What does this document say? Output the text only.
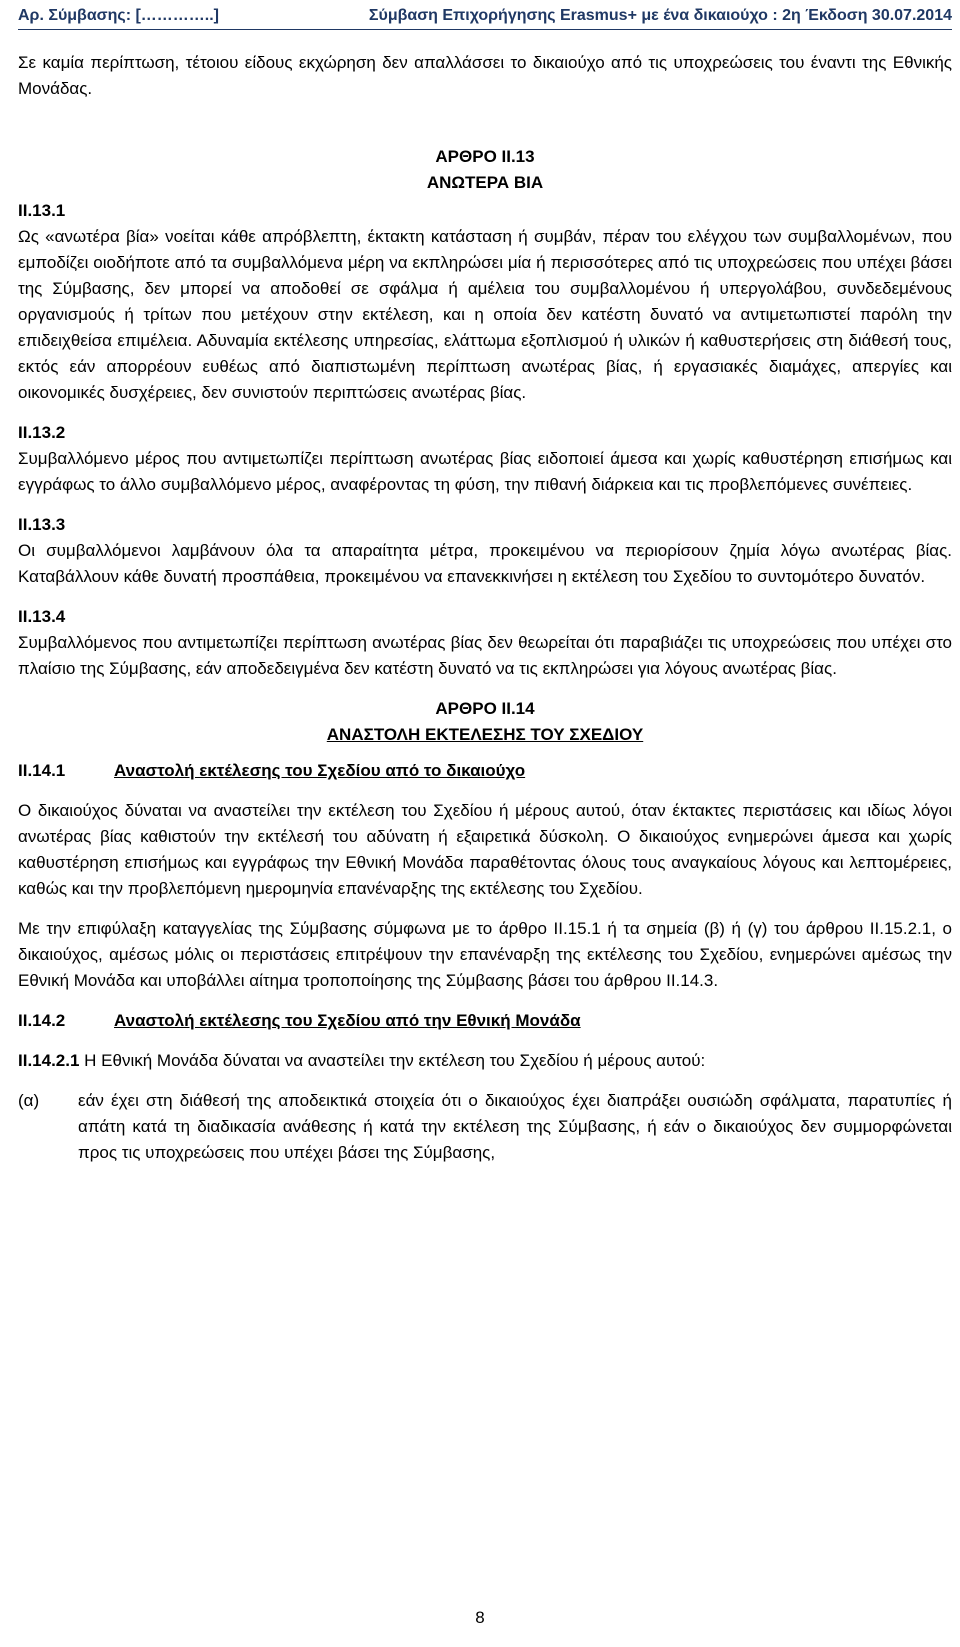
Αρ. Σύμβασης: […………..]	Σύμβαση Επιχορήγησης Erasmus+ με ένα δικαιούχο : 2η Έκδοση 30.07.2014

Σε καμία περίπτωση, τέτοιου είδους εκχώρηση δεν απαλλάσσει το δικαιούχο από τις υποχρεώσεις του έναντι της Εθνικής Μονάδας.

ΑΡΘΡΟ II.13
ΑΝΩΤΕΡΑ ΒΙΑ
II.13.1

Ως «ανωτέρα βία» νοείται κάθε απρόβλεπτη, έκτακτη κατάσταση ή συμβάν, πέραν του ελέγχου των συμβαλλομένων, που εμποδίζει οιοδήποτε από τα συμβαλλόμενα μέρη να εκπληρώσει μία ή περισσότερες από τις υποχρεώσεις που υπέχει βάσει της Σύμβασης, δεν μπορεί να αποδοθεί σε σφάλμα ή αμέλεια του συμβαλλομένου ή υπεργολάβου, συνδεδεμένους οργανισμούς ή τρίτων που μετέχουν στην εκτέλεση, και η οποία δεν κατέστη δυνατό να αντιμετωπιστεί παρόλη την επιδειχθείσα επιμέλεια. Αδυναμία εκτέλεσης υπηρεσίας, ελάττωμα εξοπλισμού ή υλικών ή καθυστερήσεις στη διάθεσή τους, εκτός εάν απορρέουν ευθέως από διαπιστωμένη περίπτωση ανωτέρας βίας, ή εργασιακές διαμάχες, απεργίες και οικονομικές δυσχέρειες, δεν συνιστούν περιπτώσεις ανωτέρας βίας.

II.13.2

Συμβαλλόμενο μέρος που αντιμετωπίζει περίπτωση ανωτέρας βίας ειδοποιεί άμεσα και χωρίς καθυστέρηση επισήμως και εγγράφως το άλλο συμβαλλόμενο μέρος, αναφέροντας τη φύση, την πιθανή διάρκεια και τις προβλεπόμενες συνέπειες.

II.13.3

Οι συμβαλλόμενοι λαμβάνουν όλα τα απαραίτητα μέτρα, προκειμένου να περιορίσουν ζημία λόγω ανωτέρας βίας. Καταβάλλουν κάθε δυνατή προσπάθεια, προκειμένου να επανεκκινήσει η εκτέλεση του Σχεδίου το συντομότερο δυνατόν.

II.13.4

Συμβαλλόμενος που αντιμετωπίζει περίπτωση ανωτέρας βίας δεν θεωρείται ότι παραβιάζει τις υποχρεώσεις που υπέχει στο πλαίσιο της Σύμβασης, εάν αποδεδειγμένα δεν κατέστη δυνατό να τις εκπληρώσει για λόγους ανωτέρας βίας.

ΑΡΘΡΟ II.14
ΑΝΑΣΤΟΛΗ ΕΚΤΕΛΕΣΗΣ ΤΟΥ ΣΧΕΔΙΟΥ
II.14.1	Αναστολή εκτέλεσης του Σχεδίου από το δικαιούχο

Ο δικαιούχος δύναται να αναστείλει την εκτέλεση του Σχεδίου ή μέρους αυτού, όταν έκτακτες περιστάσεις και ιδίως λόγοι ανωτέρας βίας καθιστούν την εκτέλεσή του αδύνατη ή εξαιρετικά δύσκολη. Ο δικαιούχος ενημερώνει άμεσα και χωρίς καθυστέρηση επισήμως και εγγράφως την Εθνική Μονάδα παραθέτοντας όλους τους αναγκαίους λόγους και λεπτομέρειες, καθώς και την προβλεπόμενη ημερομηνία επανέναρξης της εκτέλεσης του Σχεδίου.

Με την επιφύλαξη καταγγελίας της Σύμβασης σύμφωνα με το άρθρο II.15.1 ή τα σημεία (β) ή (γ) του άρθρου II.15.2.1, ο δικαιούχος, αμέσως μόλις οι περιστάσεις επιτρέψουν την επανέναρξη της εκτέλεσης του Σχεδίου, ενημερώνει αμέσως την Εθνική Μονάδα και υποβάλλει αίτημα τροποποίησης της Σύμβασης βάσει του άρθρου II.14.3.

II.14.2	Αναστολή εκτέλεσης του Σχεδίου από την Εθνική Μονάδα

II.14.2.1 Η Εθνική Μονάδα δύναται να αναστείλει την εκτέλεση του Σχεδίου ή μέρους αυτού:

(α)	εάν έχει στη διάθεσή της αποδεικτικά στοιχεία ότι ο δικαιούχος έχει διαπράξει ουσιώδη σφάλματα, παρατυπίες ή απάτη κατά τη διαδικασία ανάθεσης ή κατά την εκτέλεση της Σύμβασης, ή εάν ο δικαιούχος δεν συμμορφώνεται προς τις υποχρεώσεις που υπέχει βάσει της Σύμβασης,
8
